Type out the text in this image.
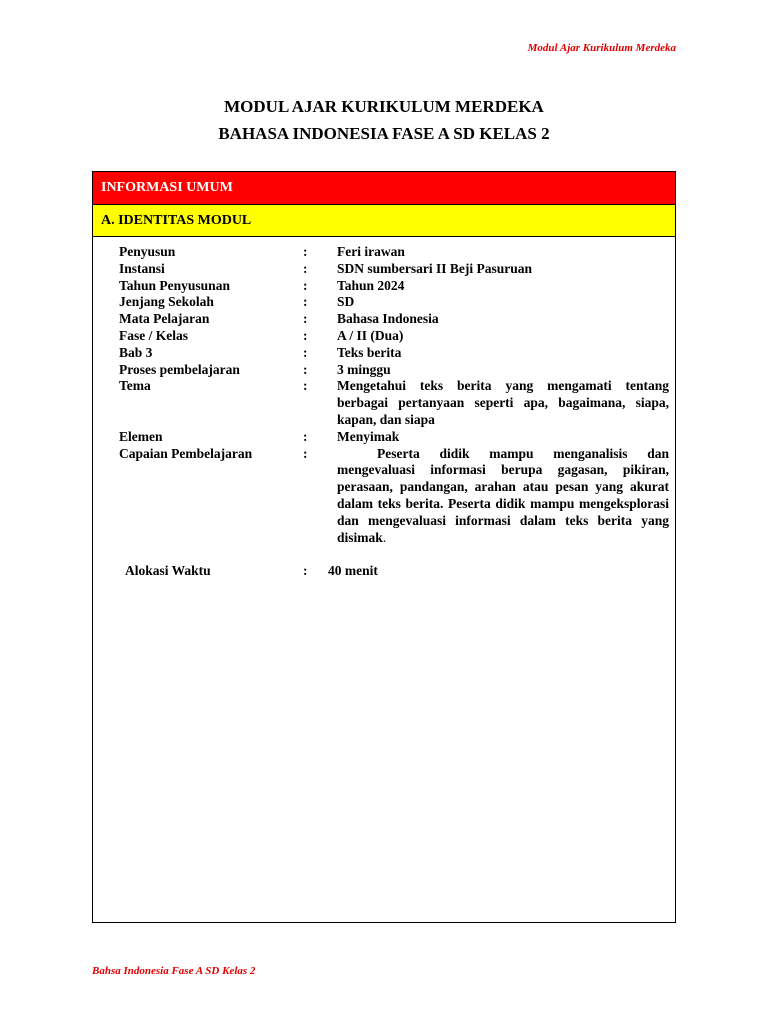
Modul Ajar Kurikulum Merdeka
MODUL AJAR KURIKULUM MERDEKA
BAHASA INDONESIA FASE A SD KELAS 2
INFORMASI UMUM
A. IDENTITAS MODUL
Penyusun	:	Feri irawan
Instansi	:	SDN sumbersari II Beji Pasuruan
Tahun Penyusunan	:	Tahun 2024
Jenjang Sekolah	:	SD
Mata Pelajaran	:	Bahasa Indonesia
Fase / Kelas	:	A / II (Dua)
Bab 3	:	Teks berita
Proses pembelajaran	:	3 minggu
Tema	:	Mengetahui teks berita yang mengamati tentang berbagai pertanyaan seperti apa, bagaimana, siapa, kapan, dan siapa
Elemen	:	Menyimak
Capaian Pembelajaran	:	Peserta didik mampu menganalisis dan mengevaluasi informasi berupa gagasan, pikiran, perasaan, pandangan, arahan atau pesan yang akurat dalam teks berita. Peserta didik mampu mengeksplorasi dan mengevaluasi informasi dalam teks berita yang disimak.
Alokasi Waktu	:	40 menit
Bahsa Indonesia Fase A SD Kelas 2
